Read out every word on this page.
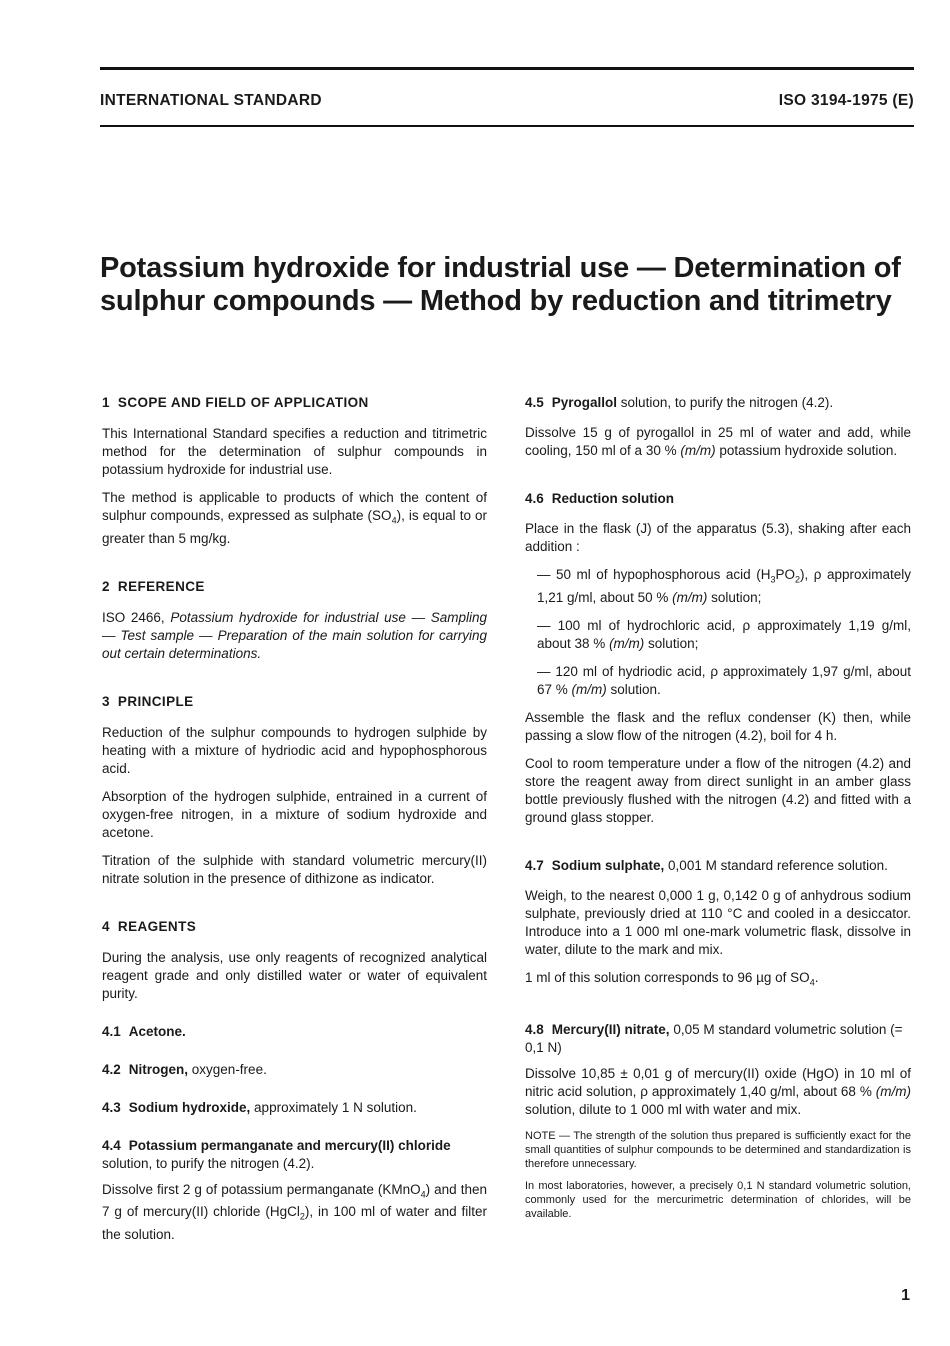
INTERNATIONAL STANDARD	ISO 3194-1975 (E)
Potassium hydroxide for industrial use — Determination of
sulphur compounds — Method by reduction and titrimetry
1 SCOPE AND FIELD OF APPLICATION

This International Standard specifies a reduction and titrimetric method for the determination of sulphur compounds in potassium hydroxide for industrial use.

The method is applicable to products of which the content of sulphur compounds, expressed as sulphate $(SO_4)$, is equal to or greater than 5 mg/kg.

2 REFERENCE

ISO 2466, Potassium hydroxide for industrial use — Sampling — Test sample — Preparation of the main solution for carrying out certain determinations.

3 PRINCIPLE

Reduction of the sulphur compounds to hydrogen sulphide by heating with a mixture of hydriodic acid and hypophosphorous acid.

Absorption of the hydrogen sulphide, entrained in a current of oxygen-free nitrogen, in a mixture of sodium hydroxide and acetone.

Titration of the sulphide with standard volumetric mercury(II) nitrate solution in the presence of dithizone as indicator.

4 REAGENTS

During the analysis, use only reagents of recognized analytical reagent grade and only distilled water or water of equivalent purity.

4.1 Acetone.
4.2 Nitrogen, oxygen-free.
4.3 Sodium hydroxide, approximately 1 N solution.
4.4 Potassium permanganate and mercury(II) chloride
solution, to purify the nitrogen (4.2).

Dissolve first 2 g of potassium permanganate (KMnO$_4$) and then 7 g of mercury(II) chloride (HgCl$_2$), in 100 ml of water and filter the solution.

4.5 Pyrogallol solution, to purify the nitrogen (4.2).

Dissolve 15 g of pyrogallol in 25 ml of water and add, while cooling, 150 ml of a 30 % (m/m) potassium hydroxide solution.

4.6 Reduction solution

Place in the flask (J) of the apparatus (5.3), shaking after each addition :

— 50 ml of hypophosphorous acid $(H_3PO_2)$, ρ approximately 1,21 g/ml, about 50 % (m/m) solution;

— 100 ml of hydrochloric acid, ρ approximately 1,19 g/ml, about 38 % (m/m) solution;

— 120 ml of hydriodic acid, ρ approximately 1,97 g/ml, about 67 % (m/m) solution.

Assemble the flask and the reflux condenser (K) then, while passing a slow flow of the nitrogen (4.2), boil for 4 h.

Cool to room temperature under a flow of the nitrogen (4.2) and store the reagent away from direct sunlight in an amber glass bottle previously flushed with the nitrogen (4.2) and fitted with a ground glass stopper.

4.7 Sodium sulphate, 0,001 M standard reference solution.

Weigh, to the nearest 0,000 1 g, 0,142 0 g of anhydrous sodium sulphate, previously dried at 110 °C and cooled in a desiccator. Introduce into a 1 000 ml one-mark volumetric flask, dissolve in water, dilute to the mark and mix.

1 ml of this solution corresponds to 96 µg of $SO_4$.

4.8 Mercury(II) nitrate, 0,05 M standard volumetric solution (= 0,1 N)

Dissolve 10,85 ± 0,01 g of mercury(II) oxide (HgO) in 10 ml of nitric acid solution, ρ approximately 1,40 g/ml, about 68 % (m/m) solution, dilute to 1 000 ml with water and mix.

NOTE — The strength of the solution thus prepared is sufficiently exact for the small quantities of sulphur compounds to be determined and standardization is therefore unnecessary.

In most laboratories, however, a precisely 0,1 N standard volumetric solution, commonly used for the mercurimetric determination of chlorides, will be available.

1
